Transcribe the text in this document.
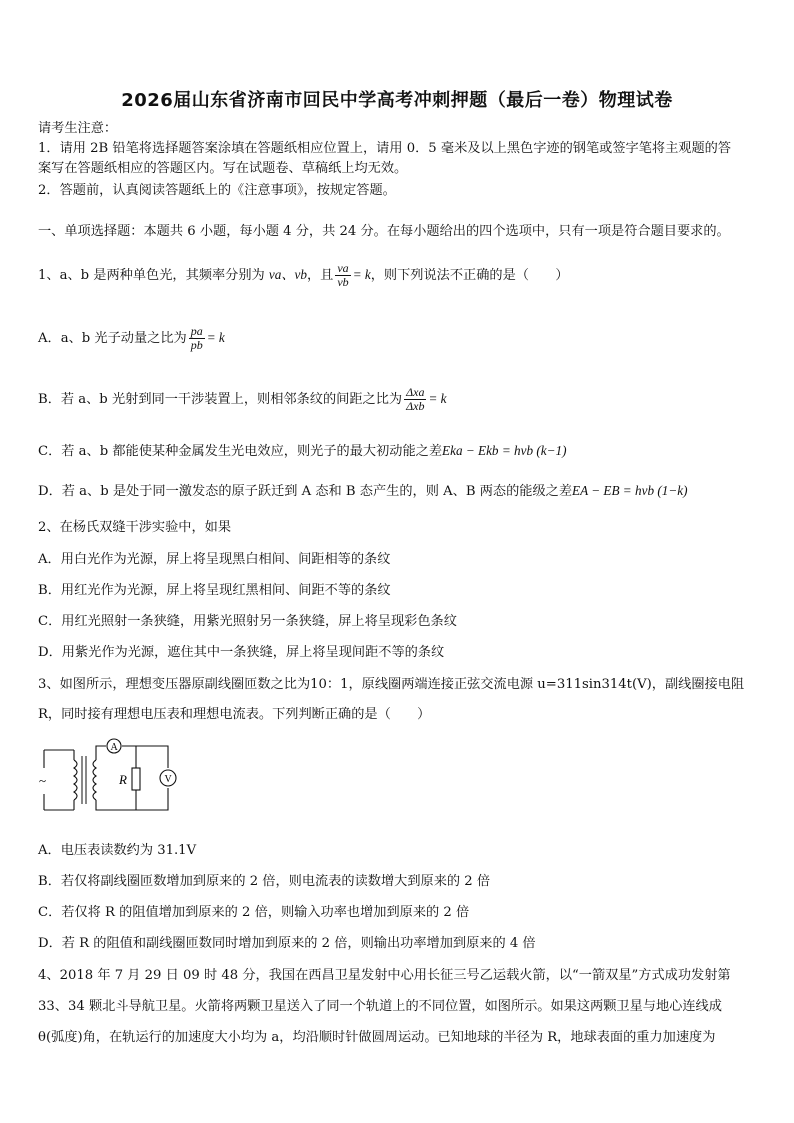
2026届山东省济南市回民中学高考冲刺押题（最后一卷）物理试卷
请考生注意：
1．请用 2B 铅笔将选择题答案涂填在答题纸相应位置上，请用 0．5 毫米及以上黑色字迹的钢笔或签字笔将主观题的答
案写在答题纸相应的答题区内。写在试题卷、草稿纸上均无效。
2．答题前，认真阅读答题纸上的《注意事项》，按规定答题。
一、单项选择题：本题共 6 小题，每小题 4 分，共 24 分。在每小题给出的四个选项中，只有一项是符合题目要求的。
1、a、b 是两种单色光，其频率分别为 νa、νb，且 $\frac{\nu a}{\nu b} = k$，则下列说法不正确的是（　　）
A．a、b 光子动量之比为 $\frac{pa}{pb} = k$
B．若 a、b 光射到同一干涉装置上，则相邻条纹的间距之比为 $\frac{\text{Δxa}}{\text{Δxb}} = k$
C．若 a、b 都能使某种金属发生光电效应，则光子的最大初动能之差Eka − Ekb = hνb (k−1)
D．若 a、b 是处于同一激发态的原子跃迁到 A 态和 B 态产生的，则 A、B 两态的能级之差EA − EB = hνb (1−k)
2、在杨氏双缝干涉实验中，如果
A．用白光作为光源，屏上将呈现黑白相间、间距相等的条纹
B．用红光作为光源，屏上将呈现红黑相间、间距不等的条纹
C．用红光照射一条狭缝，用紫光照射另一条狭缝，屏上将呈现彩色条纹
D．用紫光作为光源，遮住其中一条狭缝，屏上将呈现间距不等的条纹
3、如图所示，理想变压器原副线圈匝数之比为10：1，原线圈两端连接正弦交流电源 u=311sin314t(V)，副线圈接电阻
R，同时接有理想电压表和理想电流表。下列判断正确的是（　　）
~
A
V
R
A．电压表读数约为 31.1V
B．若仅将副线圈匝数增加到原来的 2 倍，则电流表的读数增大到原来的 2 倍
C．若仅将 R 的阻值增加到原来的 2 倍，则输入功率也增加到原来的 2 倍
D．若 R 的阻值和副线圈匝数同时增加到原来的 2 倍，则输出功率增加到原来的 4 倍
4、2018 年 7 月 29 日 09 时 48 分，我国在西昌卫星发射中心用长征三号乙运载火箭，以“一箭双星”方式成功发射第
33、34 颗北斗导航卫星。火箭将两颗卫星送入了同一个轨道上的不同位置，如图所示。如果这两颗卫星与地心连线成
θ(弧度)角，在轨运行的加速度大小均为 a，均沿顺时针做圆周运动。已知地球的半径为 R，地球表面的重力加速度为
